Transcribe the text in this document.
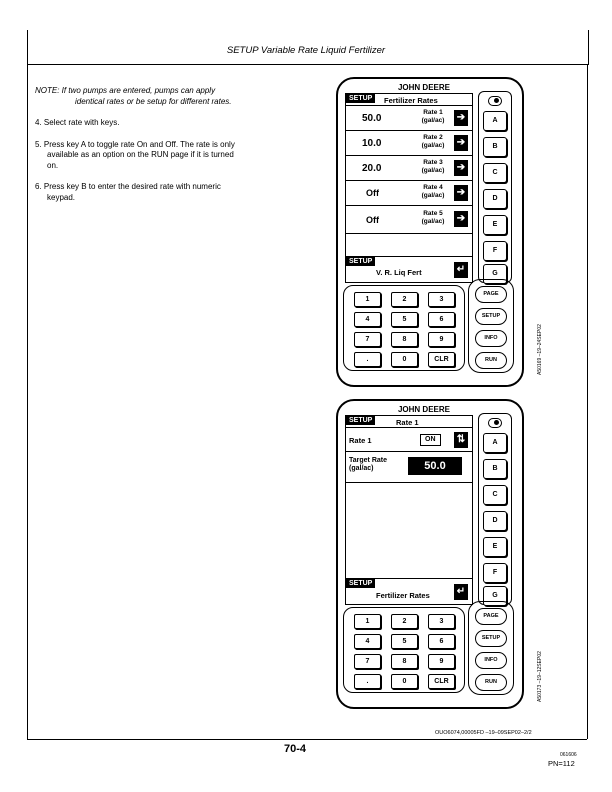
SETUP Variable Rate Liquid Fertilizer
NOTE: If two pumps are entered, pumps can apply
identical rates or be setup for different rates.
4. Select rate with keys.
5. Press key A to toggle rate On and Off. The rate is only
available as an option on the RUN page if it is turned
on.
6. Press key B to enter the desired rate with numeric
keypad.
JOHN DEERE
SETUP	Fertilizer Rates
50.0
Rate 1
(gal/ac)	➔
10.0
Rate 2
(gal/ac)	➔
20.0
Rate 3
(gal/ac)	➔
Off
Rate 4
(gal/ac)	➔
Off
Rate 5
(gal/ac)	➔
SETUP
V. R. Liq Fert	↵
A
B
C
D
E
F
G
1	2	3
4	5	6
7	8	9
.	0	CLR
PAGE
SETUP
INFO
RUN	A50169 –19–24SEP02
JOHN DEERE
SETUP	Rate 1
Rate 1	ON	⇅
Target Rate
(gal/ac)	50.0
SETUP
Fertilizer Rates	↵
A
B
C
D
E
F
G
1	2	3
4	5	6
7	8	9
.	0	CLR
PAGE
SETUP
INFO
RUN	A50173 –19–12SEP02
OUO6074,00005FD –19–09SEP02–2/2
70-4	061606
PN=112
